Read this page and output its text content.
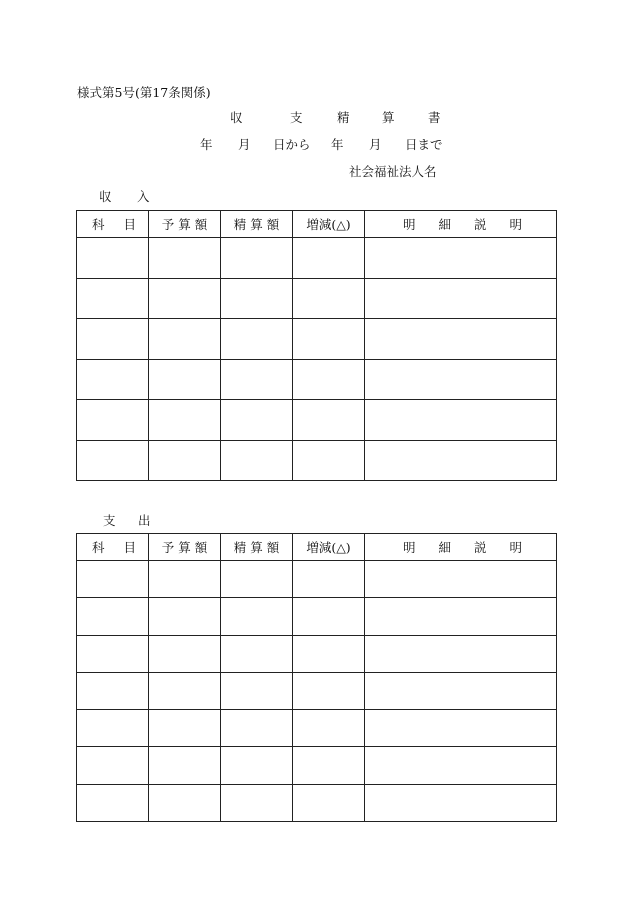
様式第5号(第17条関係)
収	支	精	算	書
年 月 日から 年 月 日まで
社会福祉法人名
収 入
科 目	予算額	精算額	増減(△)	明 細 説 明

支 出
科 目	予算額	精算額	増減(△)	明 細 説 明
